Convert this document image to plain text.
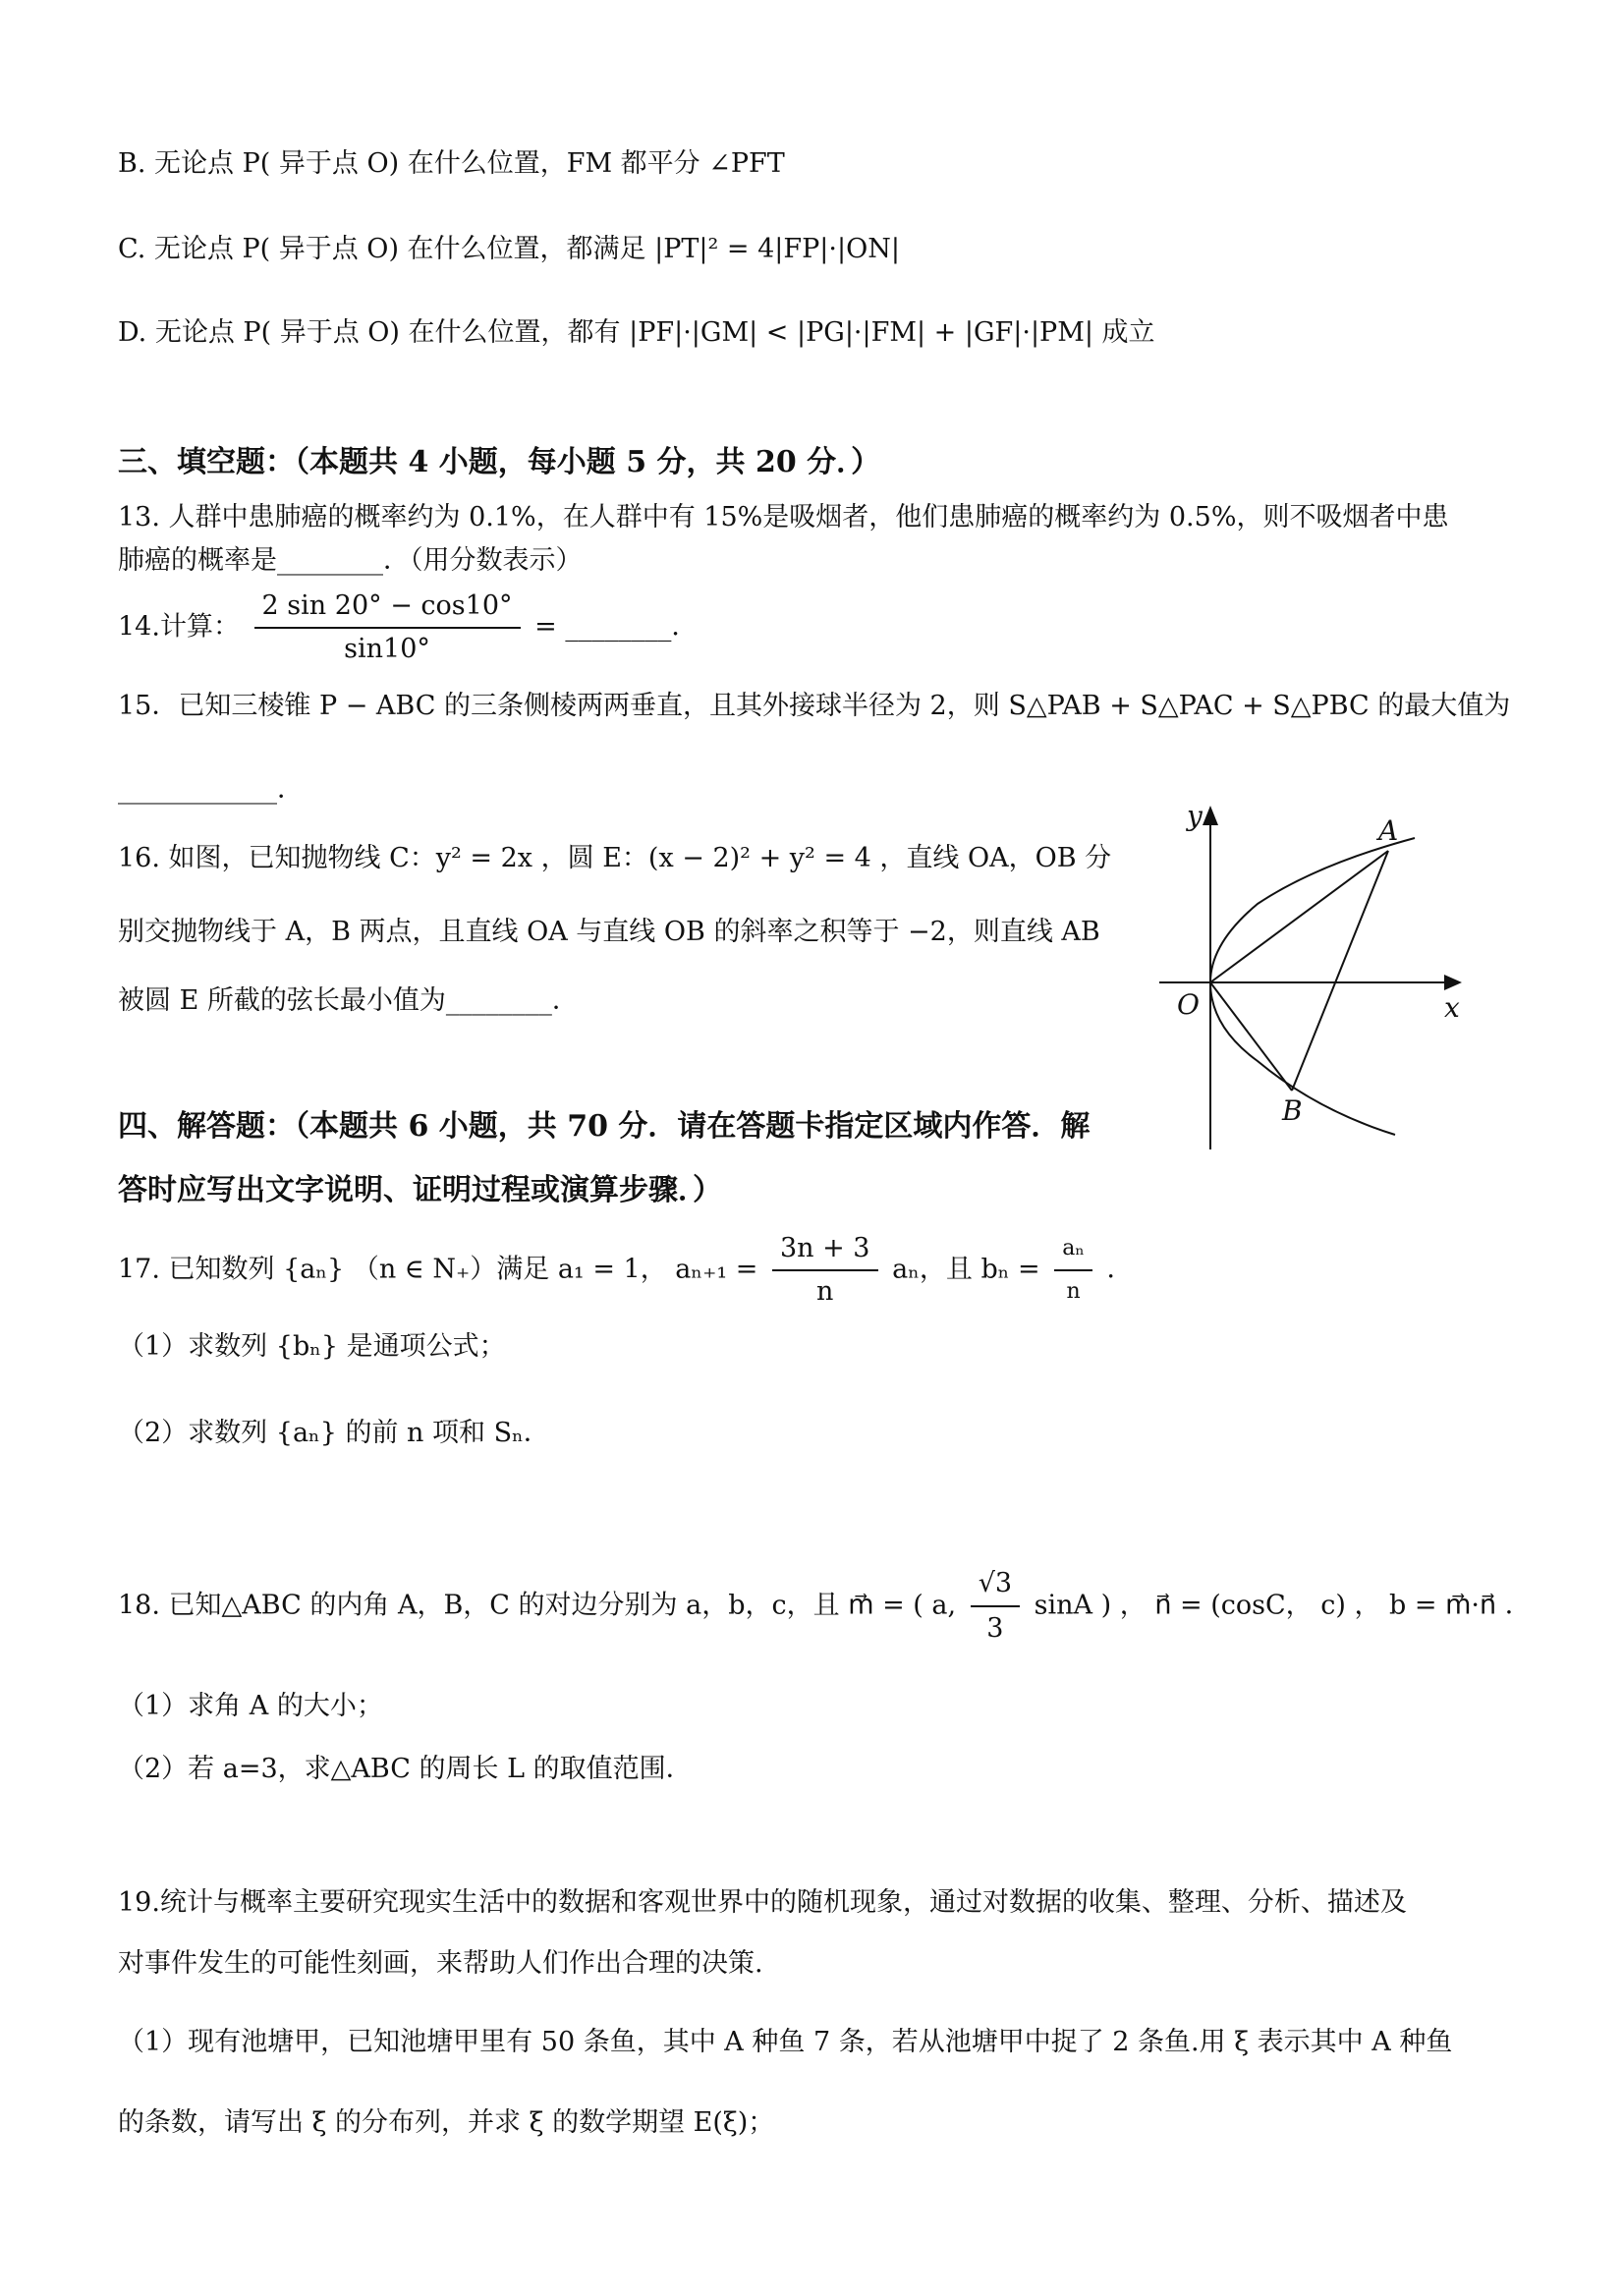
B. 无论点 P( 异于点 O) 在什么位置，FM 都平分 ∠PFT
C. 无论点 P( 异于点 O) 在什么位置，都满足 |PT|² = 4|FP|·|ON|
D. 无论点 P( 异于点 O) 在什么位置，都有 |PF|·|GM| < |PG|·|FM| + |GF|·|PM| 成立
三、填空题：（本题共 4 小题，每小题 5 分，共 20 分．）
13. 人群中患肺癌的概率约为 0.1%，在人群中有 15%是吸烟者，他们患肺癌的概率约为 0.5%，则不吸烟者中患
肺癌的概率是________．（用分数表示）
14.计算： $\frac{2 \sin 20^\circ - \cos 10^\circ}{\sin 10^\circ}$ = ________．
15．已知三棱锥 P − ABC 的三条侧棱两两垂直，且其外接球半径为 2，则 S△PAB + S△PAC + S△PBC 的最大值为
____________．
16. 如图，已知抛物线 C：y² = 2x ，圆 E：(x − 2)² + y² = 4 ，直线 OA，OB 分
别交抛物线于 A，B 两点，且直线 OA 与直线 OB 的斜率之积等于 −2，则直线 AB
被圆 E 所截的弦长最小值为________．
y
x
O
A
B
四、解答题：（本题共 6 小题，共 70 分．请在答题卡指定区域内作答．解
答时应写出文字说明、证明过程或演算步骤．）
17. 已知数列 {aₙ} （n ∈ N₊）满足 a₁ = 1， $a_{n+1} = \frac{3n + 3}{n}$ aₙ，且 $b_n = \frac{\text{aₙ}}{n}$ ．
（1）求数列 {bₙ} 是通项公式；
（2）求数列 {aₙ} 的前 n 项和 Sₙ．
18. 已知△ABC 的内角 A，B，C 的对边分别为 a，b，c，且 m⃗ = ( a, $\frac{√3}{3}$ sinA ) ， n⃗ = (cosC， c) ， b = m⃗·n⃗ ．
（1）求角 A 的大小；
（2）若 a=3，求△ABC 的周长 L 的取值范围．
19.统计与概率主要研究现实生活中的数据和客观世界中的随机现象，通过对数据的收集、整理、分析、描述及
对事件发生的可能性刻画，来帮助人们作出合理的决策.
（1）现有池塘甲，已知池塘甲里有 50 条鱼，其中 A 种鱼 7 条，若从池塘甲中捉了 2 条鱼.用 ξ 表示其中 A 种鱼
的条数，请写出 ξ 的分布列，并求 ξ 的数学期望 E(ξ)；
